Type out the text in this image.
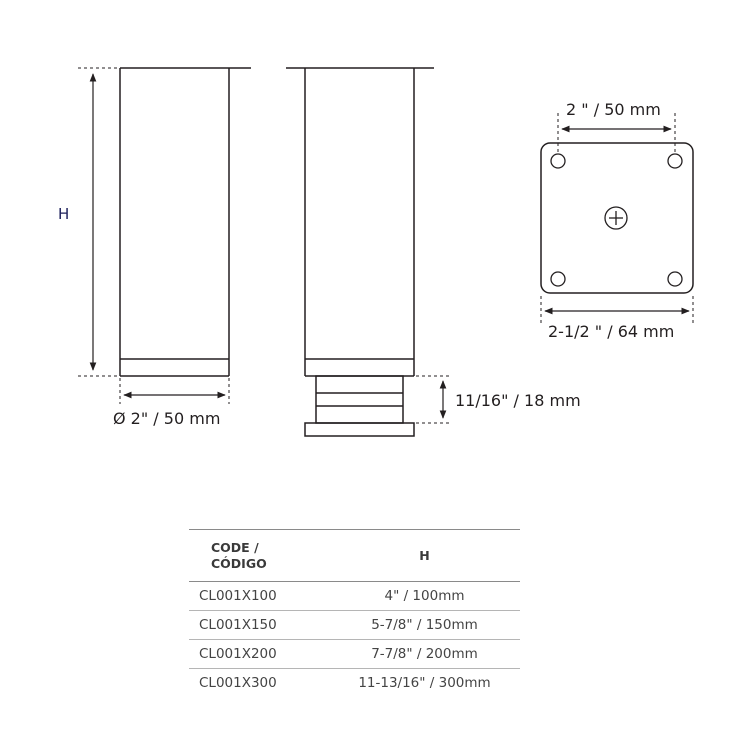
H
Ø 2" / 50 mm
11/16" / 18 mm
2 " / 50 mm
2-1/2 " / 64 mm
CODE /
CÓDIGO	H
CL001X100	4" / 100mm
CL001X150	5-7/8" / 150mm
CL001X200	7-7/8" / 200mm
CL001X300	11-13/16" / 300mm
